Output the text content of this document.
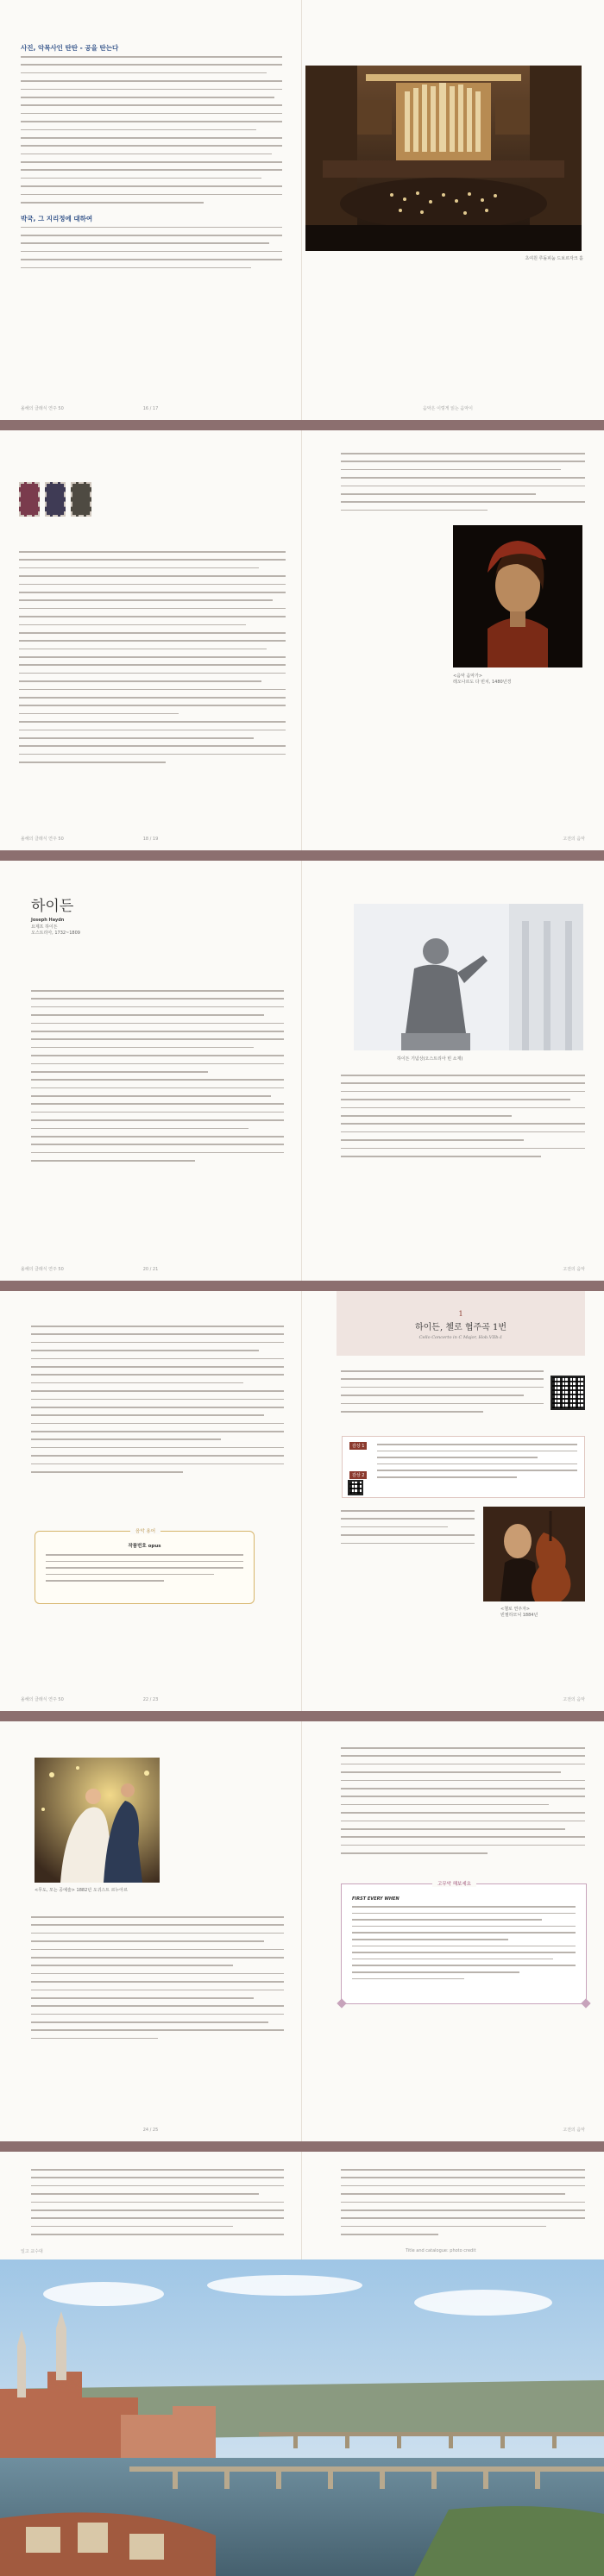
사진, 악목사인 탄탄 - 공을 탄는다
박국, 그 지리정에 대하여
올해의 클래식 연주 50	16 / 17
초여원 루돌피눔 드보르자크 홀
음악은 이렇게 읽는 음악이
올해의 클래식 연주 50	18 / 19
<음악 음악가>
레오나르도 다 빈치, 1480년경
고전의 음악
하이든
Joseph Haydn
요제프 하이든
오스트리아, 1732~1809
올해의 클래식 연주 50	20 / 21
하이든 기념상(오스트리아 빈 소재)
고전의 음악
음악 용어
작품번호 opus
올해의 클래식 연주 50	22 / 23
1
하이든, 첼로 협주곡 1번
Cello Concerto in C Major, Hob.VIIb:1
감상 1
감상 2
<첼로 연주자>
빈필하모닉 1884년
고전의 음악
<무도, 모는 공예술> 1882년 오귀스트 르누아르
24 / 25
고무악 해보세요
FIRST EVERY WHEN
고전의 음악
일고 교수대	Title and catalogue: photo credit
